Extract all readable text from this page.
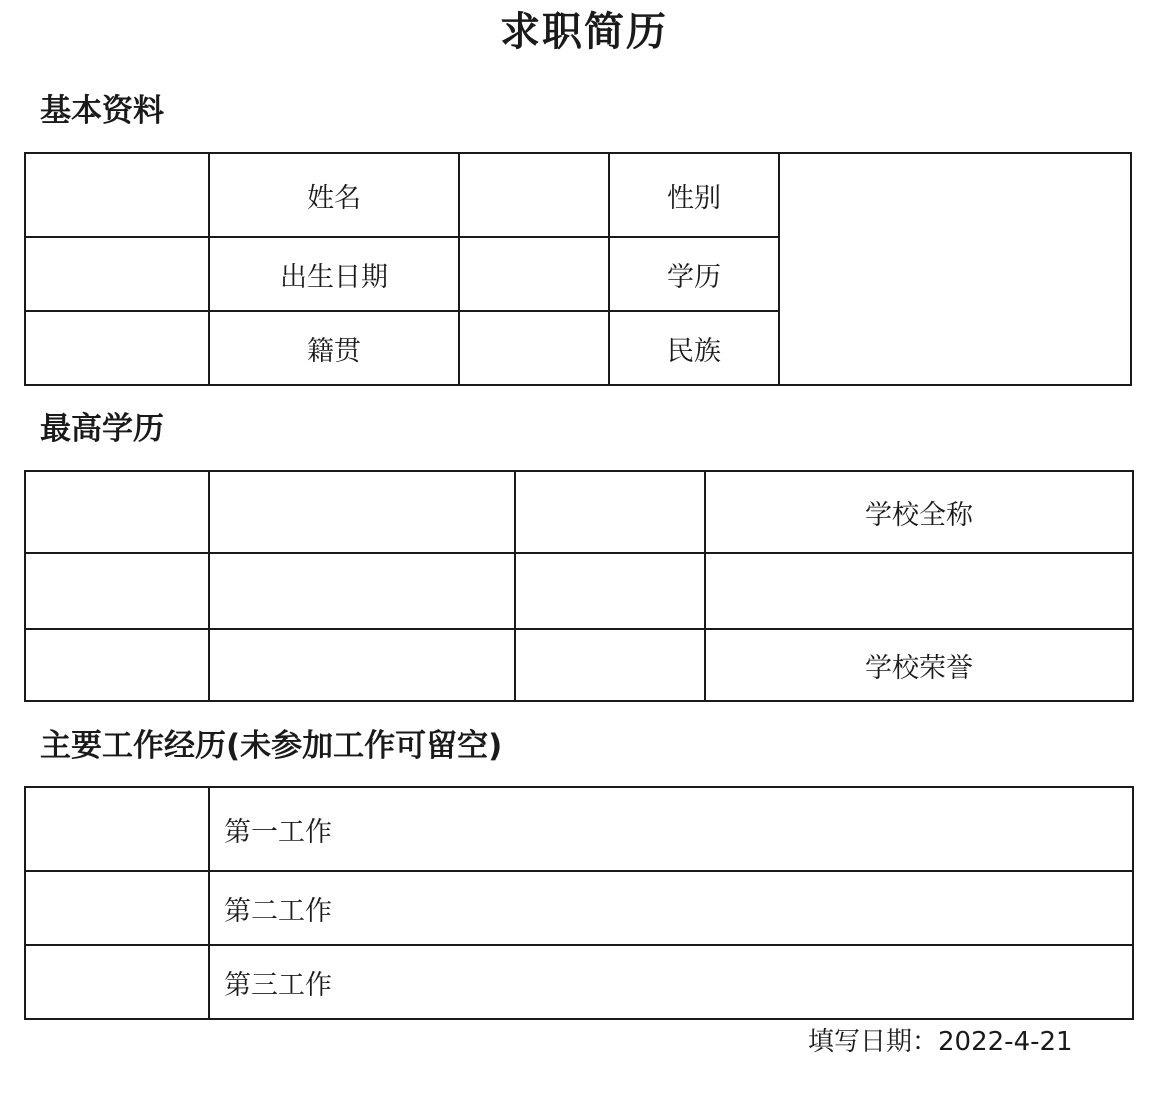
求职简历
基本资料
	姓名		性别	
	出生日期		学历	
	籍贯		民族	
最高学历
			学校全称

			学校荣誉
主要工作经历(未参加工作可留空)
	第一工作
	第二工作
	第三工作
填写日期：2022-4-21
